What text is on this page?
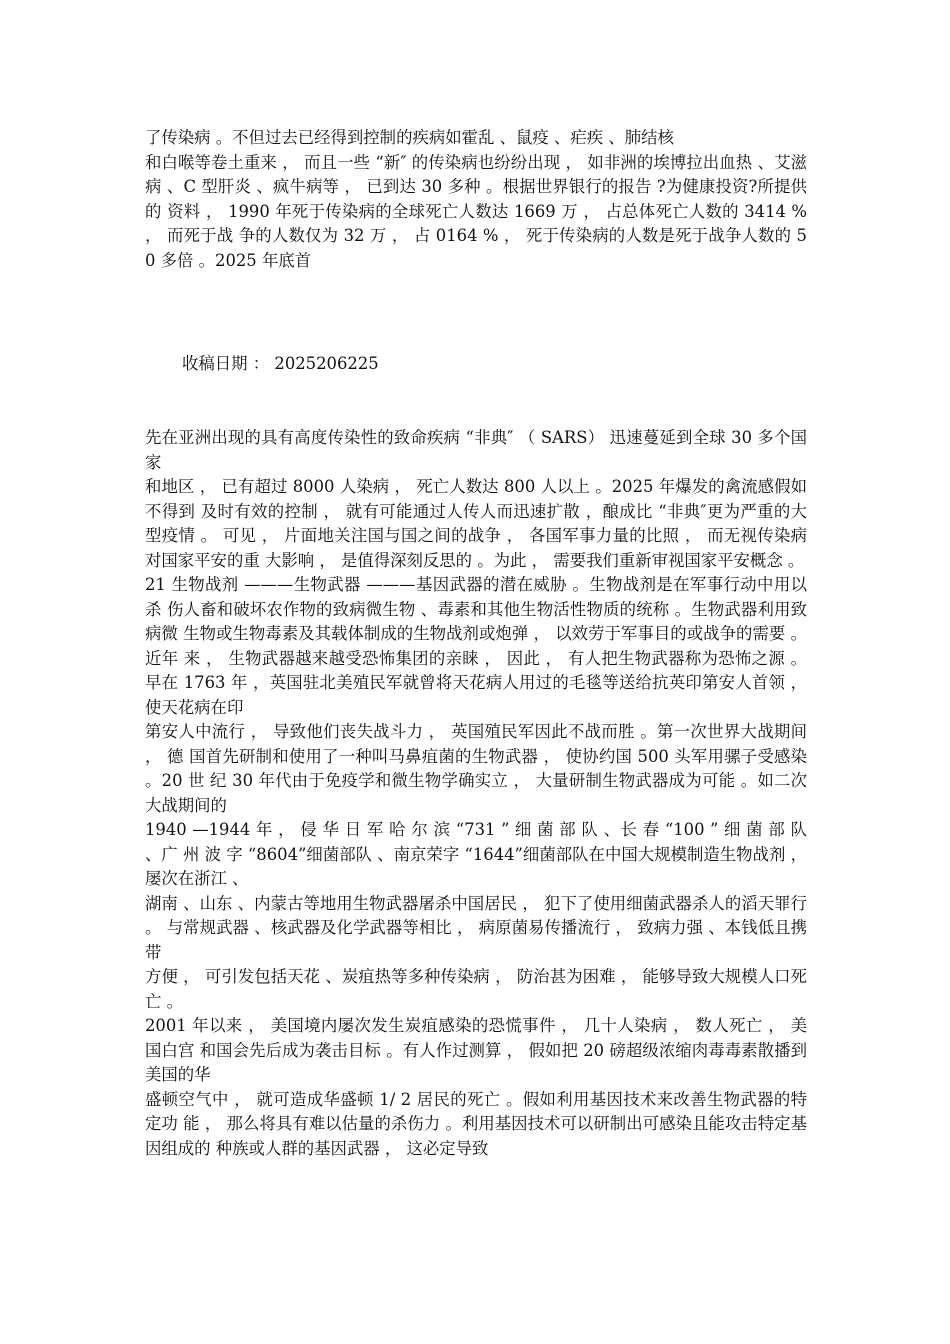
了传染病 。不但过去已经得到控制的疾病如霍乱 、鼠疫 、疟疾 、肺结核

和白喉等卷土重来 ， 而且一些 “新″ 的传染病也纷纷出现 ， 如非洲的埃博拉出血热 、艾滋 病 、C 型肝炎 、疯牛病等 ， 已到达 30 多种 。根据世界银行的报告 ?为健康投资?所提供的 资料 ， 1990 年死于传染病的全球死亡人数达 1669 万 ， 占总体死亡人数的 3414 % ， 而死于战 争的人数仅为 32 万 ， 占 0164 % ， 死于传染病的人数是死于战争人数的 50 多倍 。2025 年底首

收稿日期 ： 2025206225

先在亚洲出现的具有高度传染性的致命疾病 “非典″ （ SARS） 迅速蔓延到全球 30 多个国家

和地区 ， 已有超过 8000 人染病 ， 死亡人数达 800 人以上 。2025 年爆发的禽流感假如不得到 及时有效的控制 ， 就有可能通过人传人而迅速扩散 ，酿成比 “非典″更为严重的大型疫情 。 可见 ， 片面地关注国与国之间的战争 ， 各国军事力量的比照 ， 而无视传染病对国家平安的重 大影响 ， 是值得深刻反思的 。为此 ， 需要我们重新审视国家平安概念 。

21 生物战剂 ———生物武器 ———基因武器的潜在威胁 。生物战剂是在军事行动中用以杀 伤人畜和破坏农作物的致病微生物 、毒素和其他生物活性物质的统称 。生物武器利用致病微 生物或生物毒素及其载体制成的生物战剂或炮弹 ， 以效劳于军事目的或战争的需要 。近年 来 ， 生物武器越来越受恐怖集团的亲睐 ， 因此 ， 有人把生物武器称为恐怖之源 。早在 1763 年 ，英国驻北美殖民军就曾将天花病人用过的毛毯等送给抗英印第安人首领 ， 使天花病在印

第安人中流行 ， 导致他们丧失战斗力 ， 英国殖民军因此不战而胜 。第一次世界大战期间 ， 德 国首先研制和使用了一种叫马鼻疽菌的生物武器 ， 使协约国 500 头军用骡子受感染 。20 世 纪 30 年代由于免疫学和微生物学确实立 ， 大量研制生物武器成为可能 。如二次大战期间的

1940 —1944 年 ， 侵 华 日 军 哈 尔 滨 “731 ” 细 菌 部 队 、长 春 “100 ” 细 菌 部 队 、广 州 波 字 “8604”细菌部队 、南京荣字 “1644”细菌部队在中国大规模制造生物战剂 ， 屡次在浙江 、

湖南 、山东 、内蒙古等地用生物武器屠杀中国居民 ， 犯下了使用细菌武器杀人的滔天罪行 。 与常规武器 、核武器及化学武器等相比 ， 病原菌易传播流行 ， 致病力强 、本钱低且携带

方便 ， 可引发包括天花 、炭疽热等多种传染病 ， 防治甚为困难 ， 能够导致大规模人口死亡 。

2001 年以来 ， 美国境内屡次发生炭疽感染的恐慌事件 ， 几十人染病 ， 数人死亡 ， 美国白宫 和国会先后成为袭击目标 。有人作过测算 ， 假如把 20 磅超级浓缩肉毒毒素散播到美国的华

盛顿空气中 ， 就可造成华盛顿 1/ 2 居民的死亡 。假如利用基因技术来改善生物武器的特定功 能 ， 那么将具有难以估量的杀伤力 。利用基因技术可以研制出可感染且能攻击特定基因组成的 种族或人群的基因武器 ， 这必定导致
